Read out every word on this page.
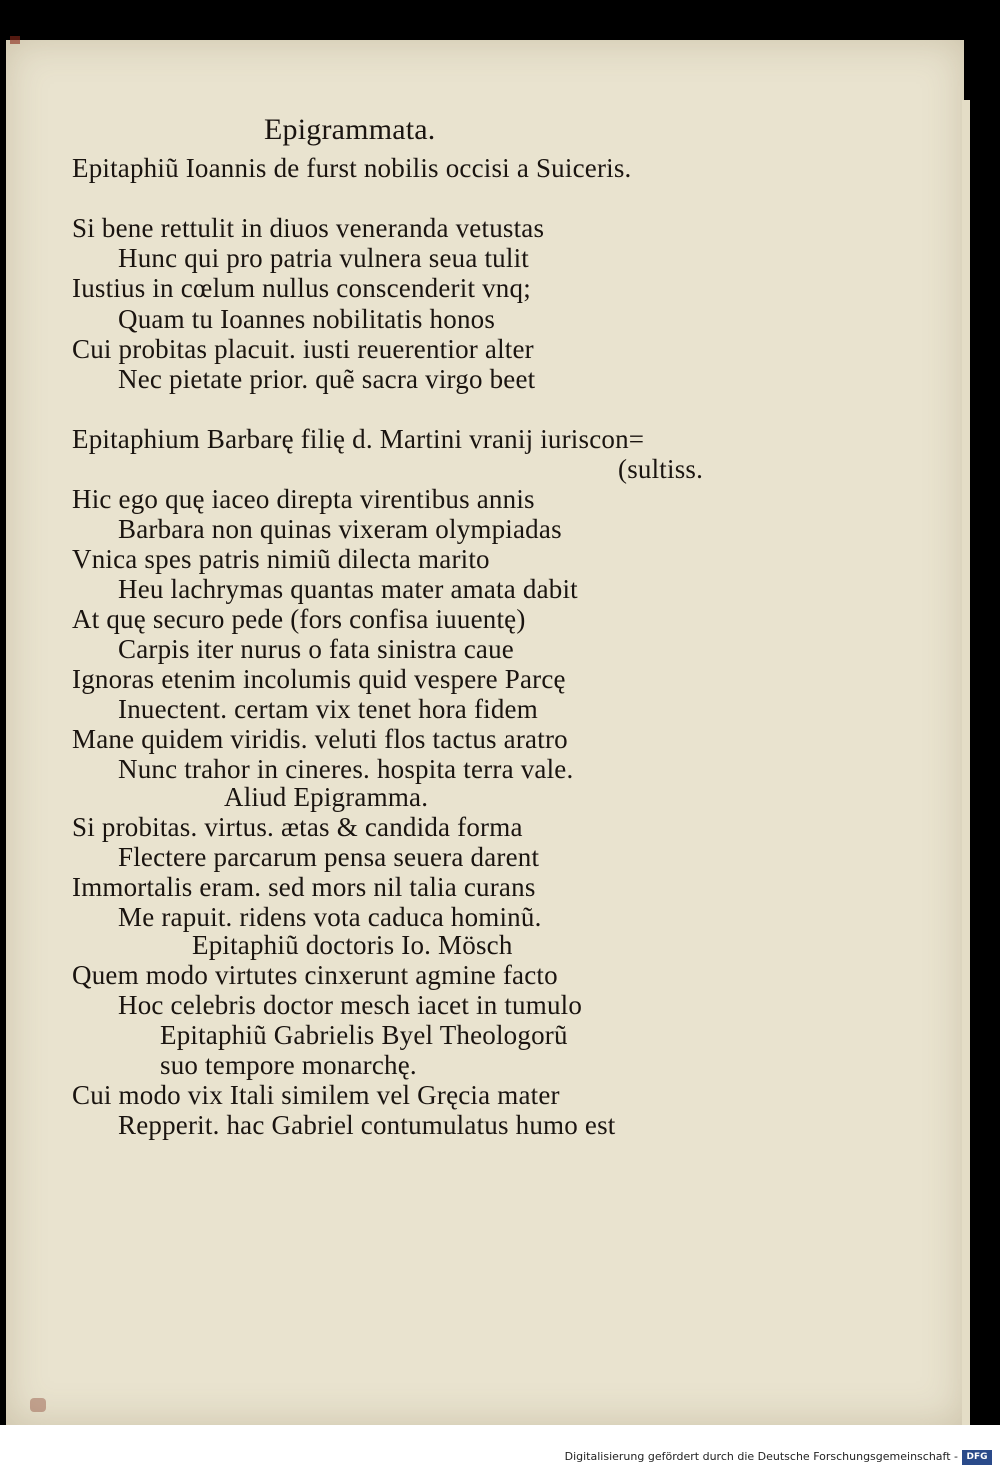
Epigrammata.
Epitaphiũ Ioannis de furst nobilis occisi a Suiceris.
Si bene rettulit in diuos veneranda vetustas
Hunc qui pro patria vulnera seua tulit
Iustius in cœlum nullus conscenderit vnq;
Quam tu Ioannes nobilitatis honos
Cui probitas placuit. iusti reuerentior alter
Nec pietate prior. quẽ sacra virgo beet
Epitaphium Barbarę filię d. Martini vranij iuriscon=
(sultiss.
Hic ego quę iaceo direpta virentibus annis
Barbara non quinas vixeram olympiadas
Vnica spes patris nimiũ dilecta marito
Heu lachrymas quantas mater amata dabit
At quę securo pede (fors confisa iuuentę)
Carpis iter nurus o fata sinistra caue
Ignoras etenim incolumis quid vespere Parcę
Inuectent. certam vix tenet hora fidem
Mane quidem viridis. veluti flos tactus aratro
Nunc trahor in cineres. hospita terra vale.
Aliud Epigramma.
Si probitas. virtus. ætas & candida forma
Flectere parcarum pensa seuera darent
Immortalis eram. sed mors nil talia curans
Me rapuit. ridens vota caduca hominũ.
Epitaphiũ doctoris Io. Mösch
Quem modo virtutes cinxerunt agmine facto
Hoc celebris doctor mesch iacet in tumulo
Epitaphiũ Gabrielis Byel Theologorũ
suo tempore monarchę.
Cui modo vix Itali similem vel Gręcia mater
Repperit. hac Gabriel contumulatus humo est
Digitalisierung gefördert durch die Deutsche Forschungsgemeinschaft - DFG
